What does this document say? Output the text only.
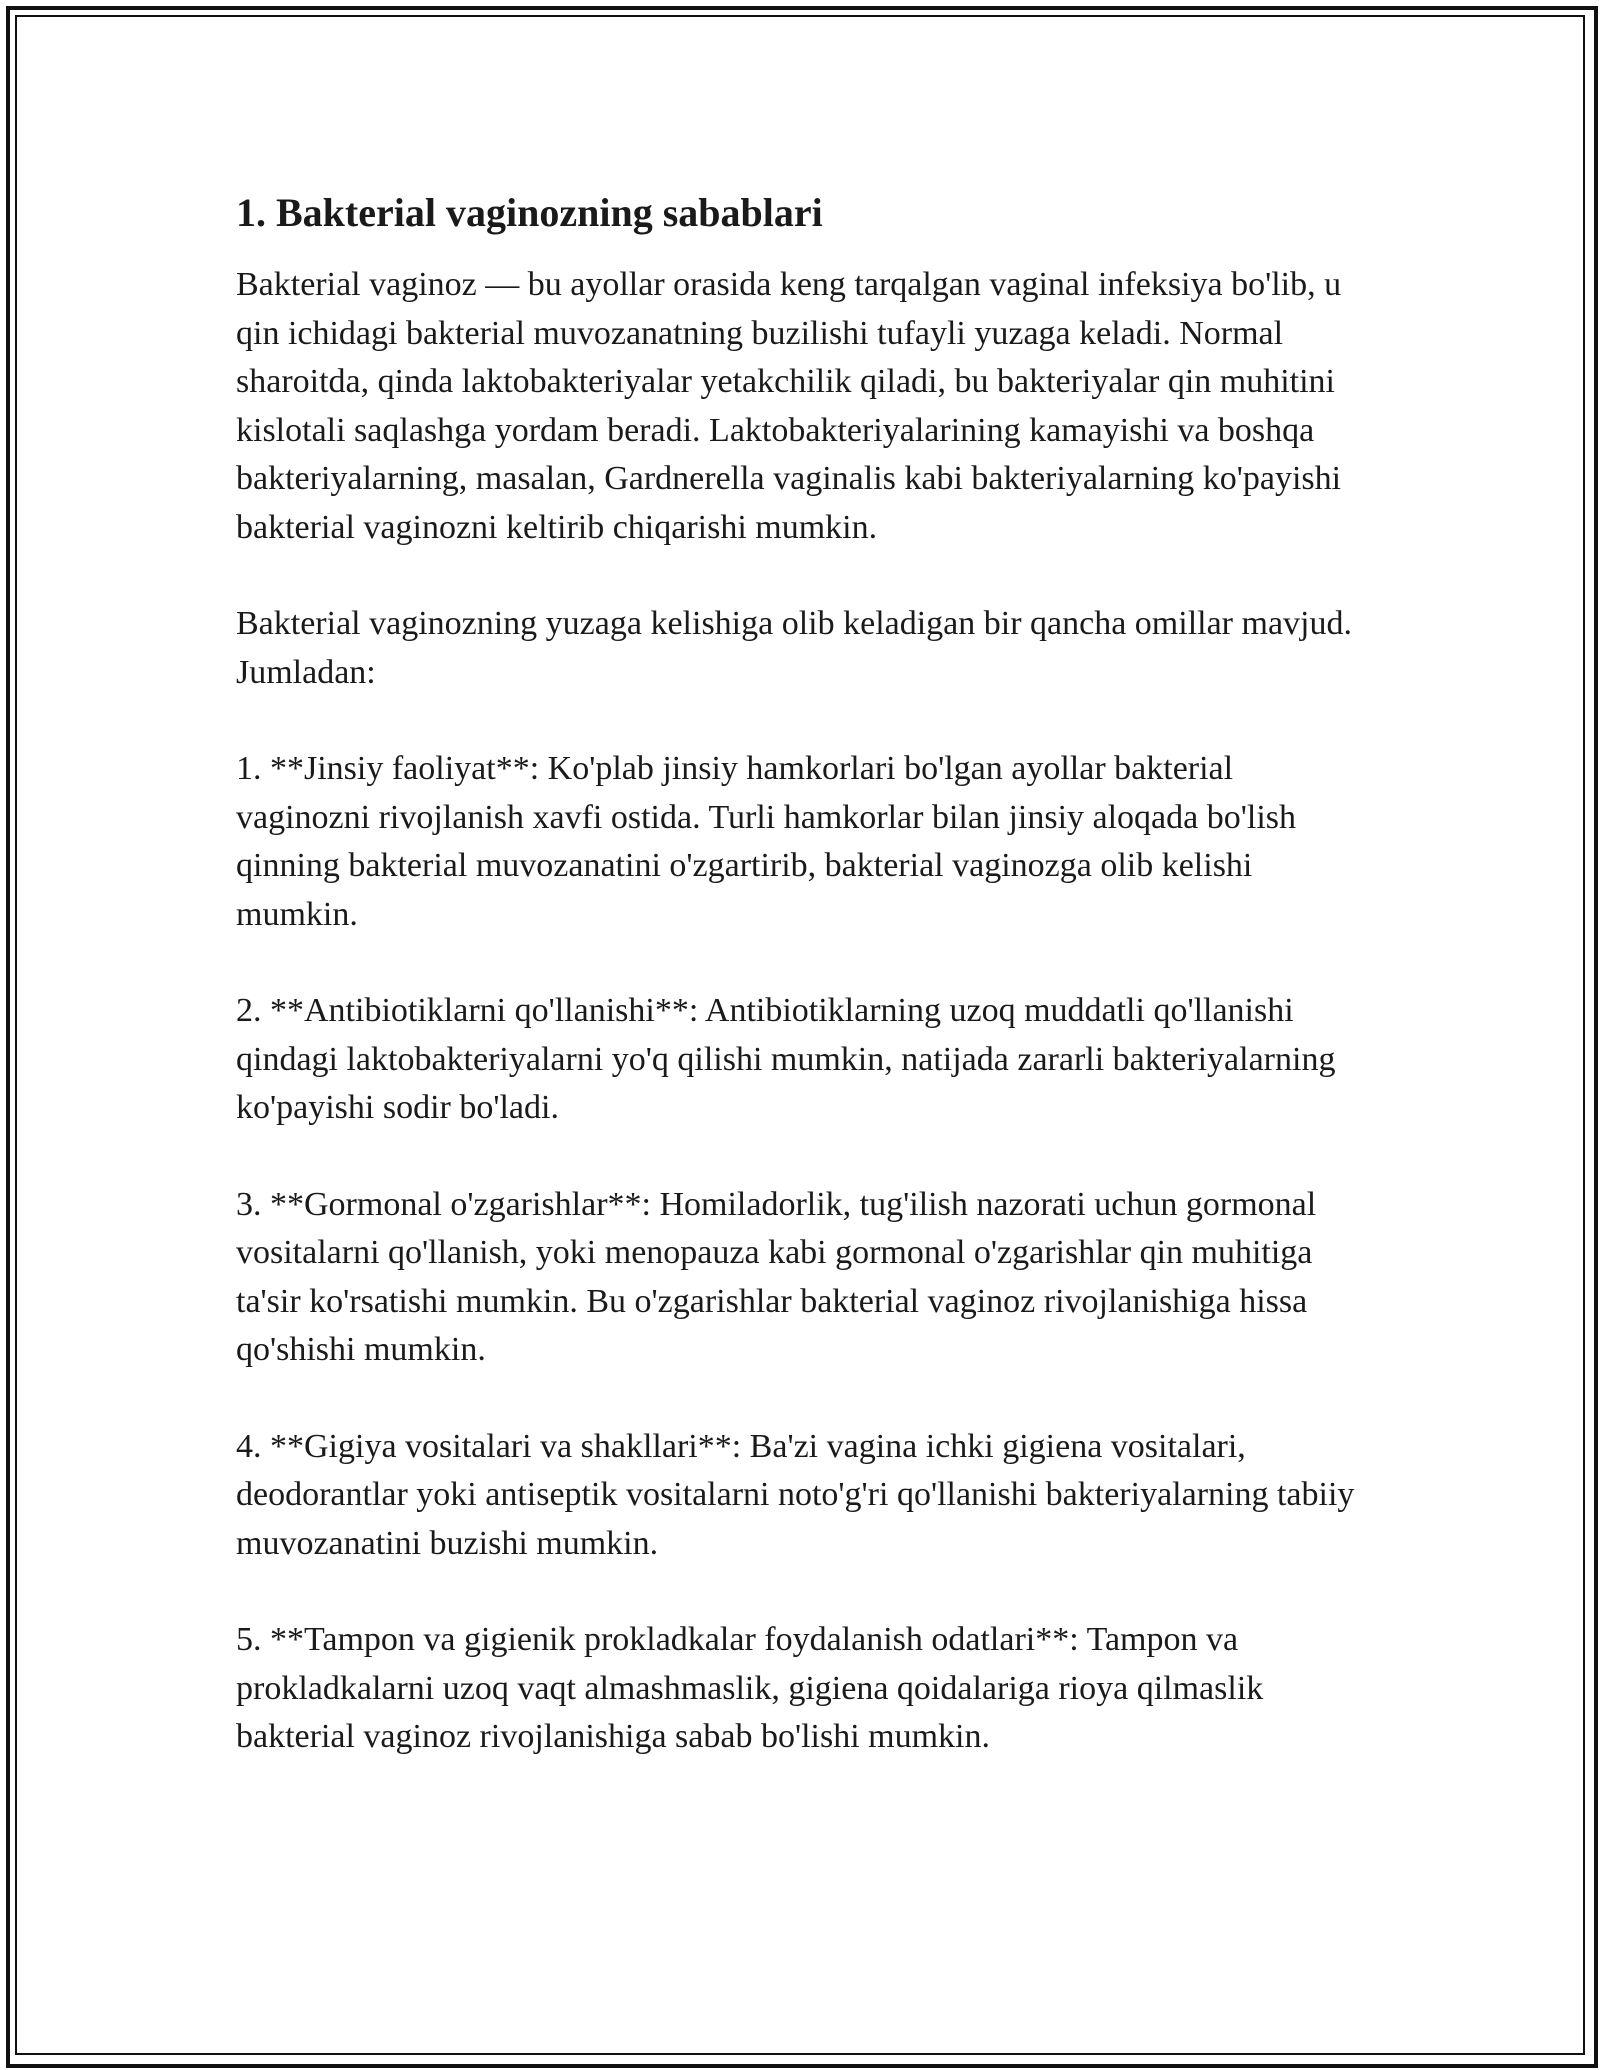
1. Bakterial vaginozning sabablari

Bakterial vaginoz — bu ayollar orasida keng tarqalgan vaginal infeksiya bo'lib, u qin ichidagi bakterial muvozanatning buzilishi tufayli yuzaga keladi. Normal sharoitda, qinda laktobakteriyalar yetakchilik qiladi, bu bakteriyalar qin muhitini kislotali saqlashga yordam beradi. Laktobakteriyalarining kamayishi va boshqa bakteriyalarning, masalan, Gardnerella vaginalis kabi bakteriyalarning ko'payishi bakterial vaginozni keltirib chiqarishi mumkin.

Bakterial vaginozning yuzaga kelishiga olib keladigan bir qancha omillar mavjud. Jumladan:

1. **Jinsiy faoliyat**: Ko'plab jinsiy hamkorlari bo'lgan ayollar bakterial vaginozni rivojlanish xavfi ostida. Turli hamkorlar bilan jinsiy aloqada bo'lish qinning bakterial muvozanatini o'zgartirib, bakterial vaginozga olib kelishi mumkin.

2. **Antibiotiklarni qo'llanishi**: Antibiotiklarning uzoq muddatli qo'llanishi qindagi laktobakteriyalarni yo'q qilishi mumkin, natijada zararli bakteriyalarning ko'payishi sodir bo'ladi.

3. **Gormonal o'zgarishlar**: Homiladorlik, tug'ilish nazorati uchun gormonal vositalarni qo'llanish, yoki menopauza kabi gormonal o'zgarishlar qin muhitiga ta'sir ko'rsatishi mumkin. Bu o'zgarishlar bakterial vaginoz rivojlanishiga hissa qo'shishi mumkin.

4. **Gigiya vositalari va shakllari**: Ba'zi vagina ichki gigiena vositalari, deodorantlar yoki antiseptik vositalarni noto'g'ri qo'llanishi bakteriyalarning tabiiy muvozanatini buzishi mumkin.

5. **Tampon va gigienik prokladkalar foydalanish odatlari**: Tampon va prokladkalarni uzoq vaqt almashmaslik, gigiena qoidalariga rioya qilmaslik bakterial vaginoz rivojlanishiga sabab bo'lishi mumkin.
